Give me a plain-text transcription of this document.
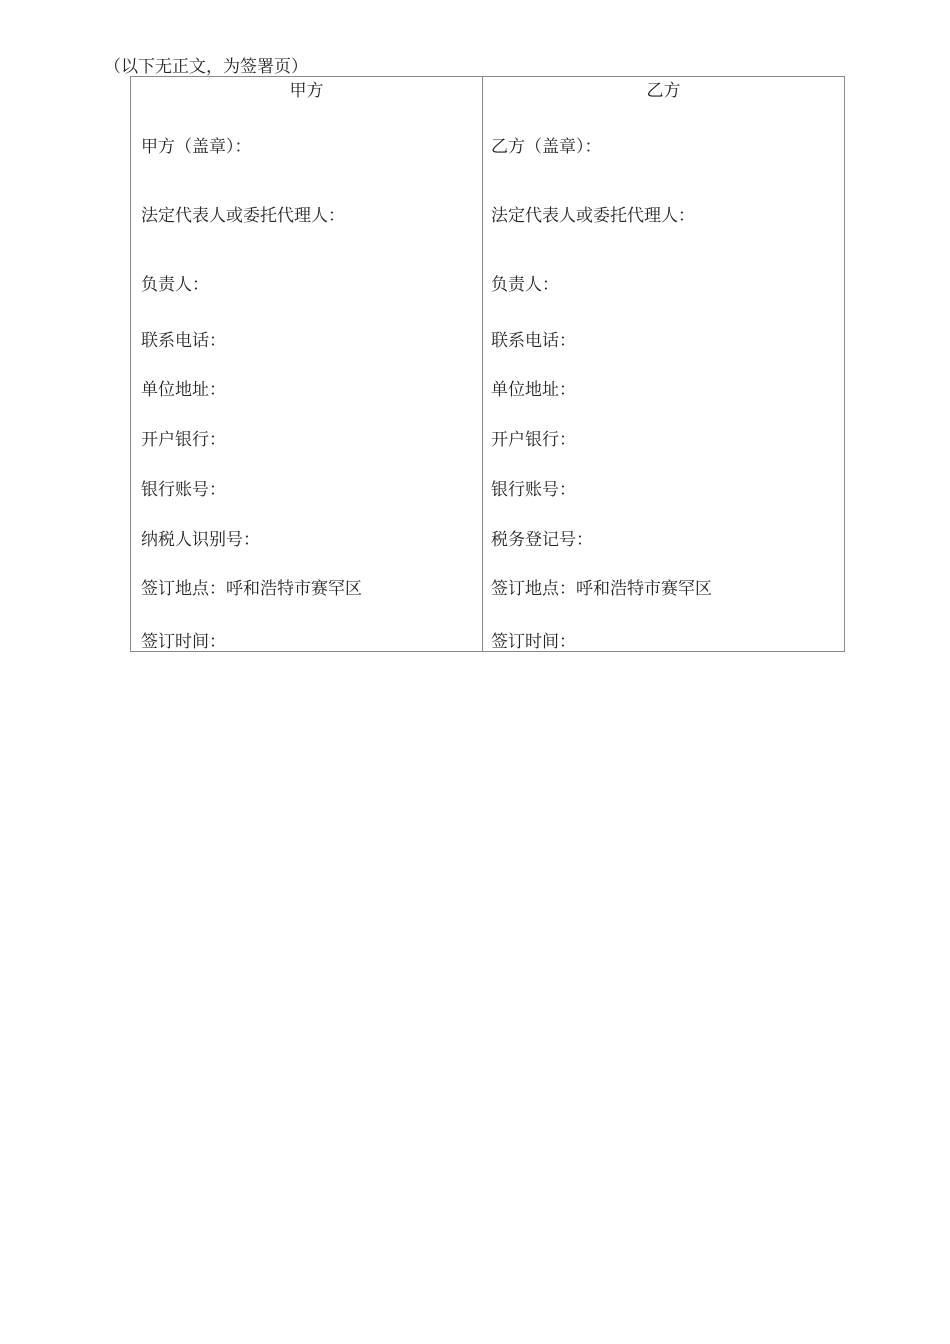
（以下无正文，为签署页）
甲方
甲方（盖章）：
法定代表人或委托代理人：
负责人：
联系电话：
单位地址：
开户银行：
银行账号：
纳税人识别号：
签订地点：呼和浩特市赛罕区
签订时间：
乙方
乙方（盖章）：
法定代表人或委托代理人：
负责人：
联系电话：
单位地址：
开户银行：
银行账号：
税务登记号：
签订地点：呼和浩特市赛罕区
签订时间：
